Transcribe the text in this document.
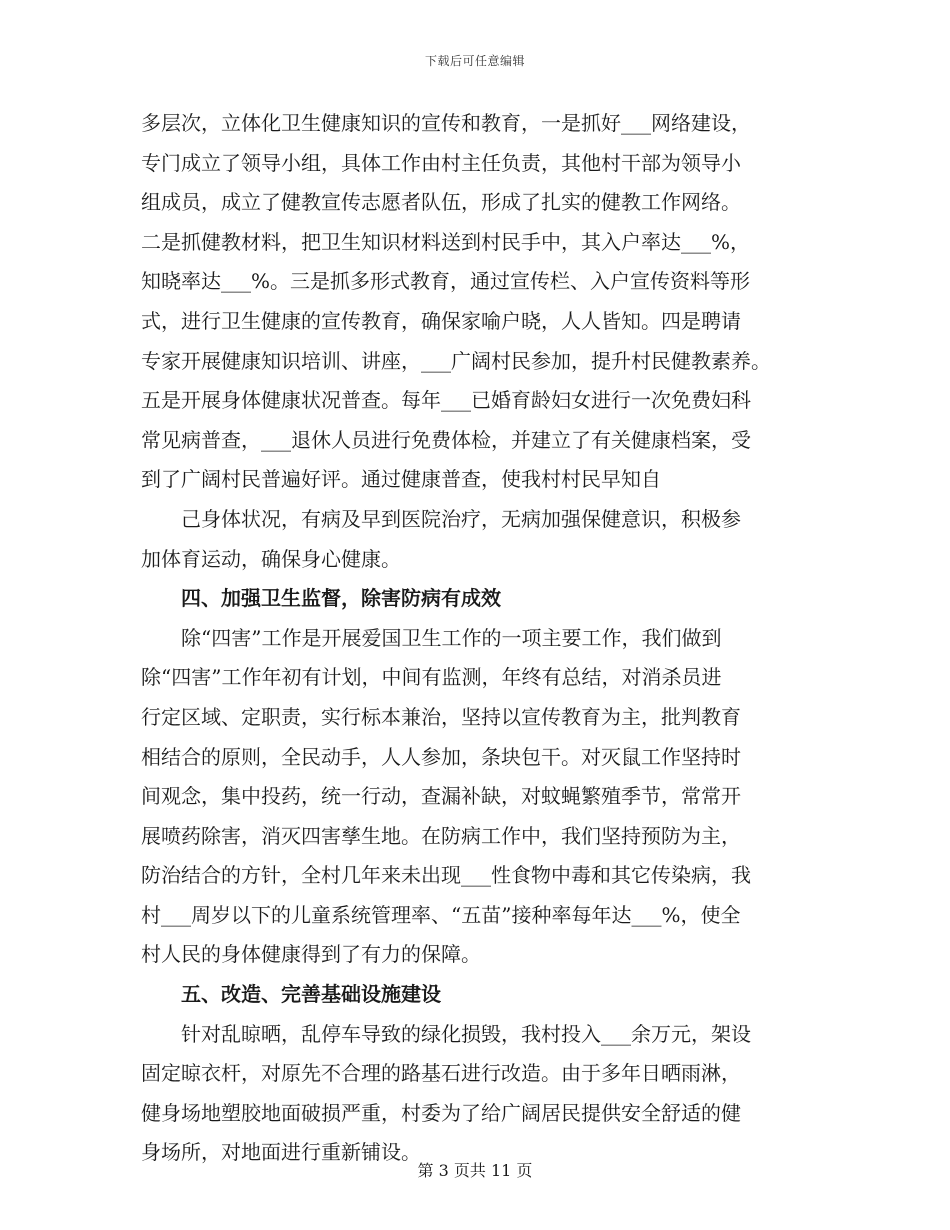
下载后可任意编辑
多层次，立体化卫生健康知识的宣传和教育，一是抓好___网络建设，
专门成立了领导小组，具体工作由村主任负责，其他村干部为领导小
组成员，成立了健教宣传志愿者队伍，形成了扎实的健教工作网络。
二是抓健教材料，把卫生知识材料送到村民手中，其入户率达___%，
知晓率达___%。三是抓多形式教育，通过宣传栏、入户宣传资料等形
式，进行卫生健康的宣传教育，确保家喻户晓，人人皆知。四是聘请
专家开展健康知识培训、讲座，___广阔村民参加，提升村民健教素养。
五是开展身体健康状况普查。每年___已婚育龄妇女进行一次免费妇科
常见病普查，___退休人员进行免费体检，并建立了有关健康档案，受
到了广阔村民普遍好评。通过健康普查，使我村村民早知自
己身体状况，有病及早到医院治疗，无病加强保健意识，积极参
加体育运动，确保身心健康。
四、加强卫生监督，除害防病有成效
除“四害”工作是开展爱国卫生工作的一项主要工作，我们做到
除“四害”工作年初有计划，中间有监测，年终有总结，对消杀员进
行定区域、定职责，实行标本兼治，坚持以宣传教育为主，批判教育
相结合的原则，全民动手，人人参加，条块包干。对灭鼠工作坚持时
间观念，集中投药，统一行动，查漏补缺，对蚊蝇繁殖季节，常常开
展喷药除害，消灭四害孳生地。在防病工作中，我们坚持预防为主，
防治结合的方针，全村几年来未出现___性食物中毒和其它传染病，我
村___周岁以下的儿童系统管理率、“五苗”接种率每年达___%，使全
村人民的身体健康得到了有力的保障。
五、改造、完善基础设施建设
针对乱晾晒，乱停车导致的绿化损毁，我村投入___余万元，架设
固定晾衣杆，对原先不合理的路基石进行改造。由于多年日晒雨淋，
健身场地塑胶地面破损严重，村委为了给广阔居民提供安全舒适的健
身场所，对地面进行重新铺设。
第 3 页共 11 页
